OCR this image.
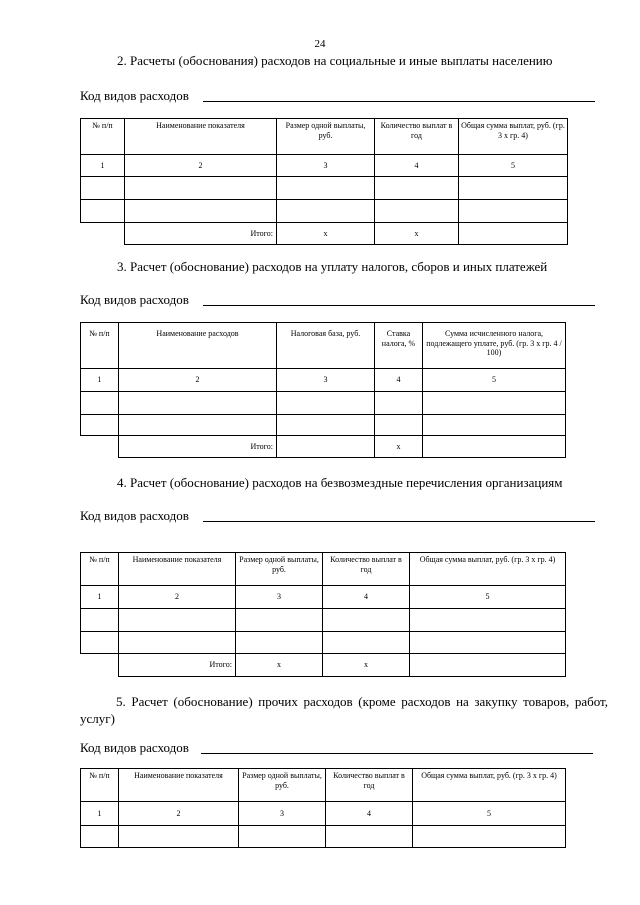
24
2. Расчеты (обоснования) расходов на социальные и иные выплаты населению
Код видов расходов
№ п/п	Наименование показателя	Размер одной выплаты, руб.	Количество выплат в год	Общая сумма выплат, руб. (гр. 3 x гр. 4)
1	2	3	4	5

	Итого:	x	x	
3. Расчет (обоснование) расходов на уплату налогов, сборов и иных платежей
Код видов расходов
№ п/п	Наименование расходов	Налоговая база, руб.	Ставка налога, %	Сумма исчисленного налога, подлежащего уплате, руб. (гр. 3 x гр. 4 / 100)
1	2	3	4	5

	Итого:		x	
4. Расчет (обоснование) расходов на безвозмездные перечисления организациям
Код видов расходов
№ п/п	Наименование показателя	Размер одной выплаты, руб.	Количество выплат в год	Общая сумма выплат, руб. (гр. 3 x гр. 4)
1	2	3	4	5

	Итого:	x	x	
5. Расчет (обоснование) прочих расходов (кроме расходов на закупку товаров, работ, услуг)
Код видов расходов
№ п/п	Наименование показателя	Размер одной выплаты, руб.	Количество выплат в год	Общая сумма выплат, руб. (гр. 3 x гр. 4)
1	2	3	4	5
